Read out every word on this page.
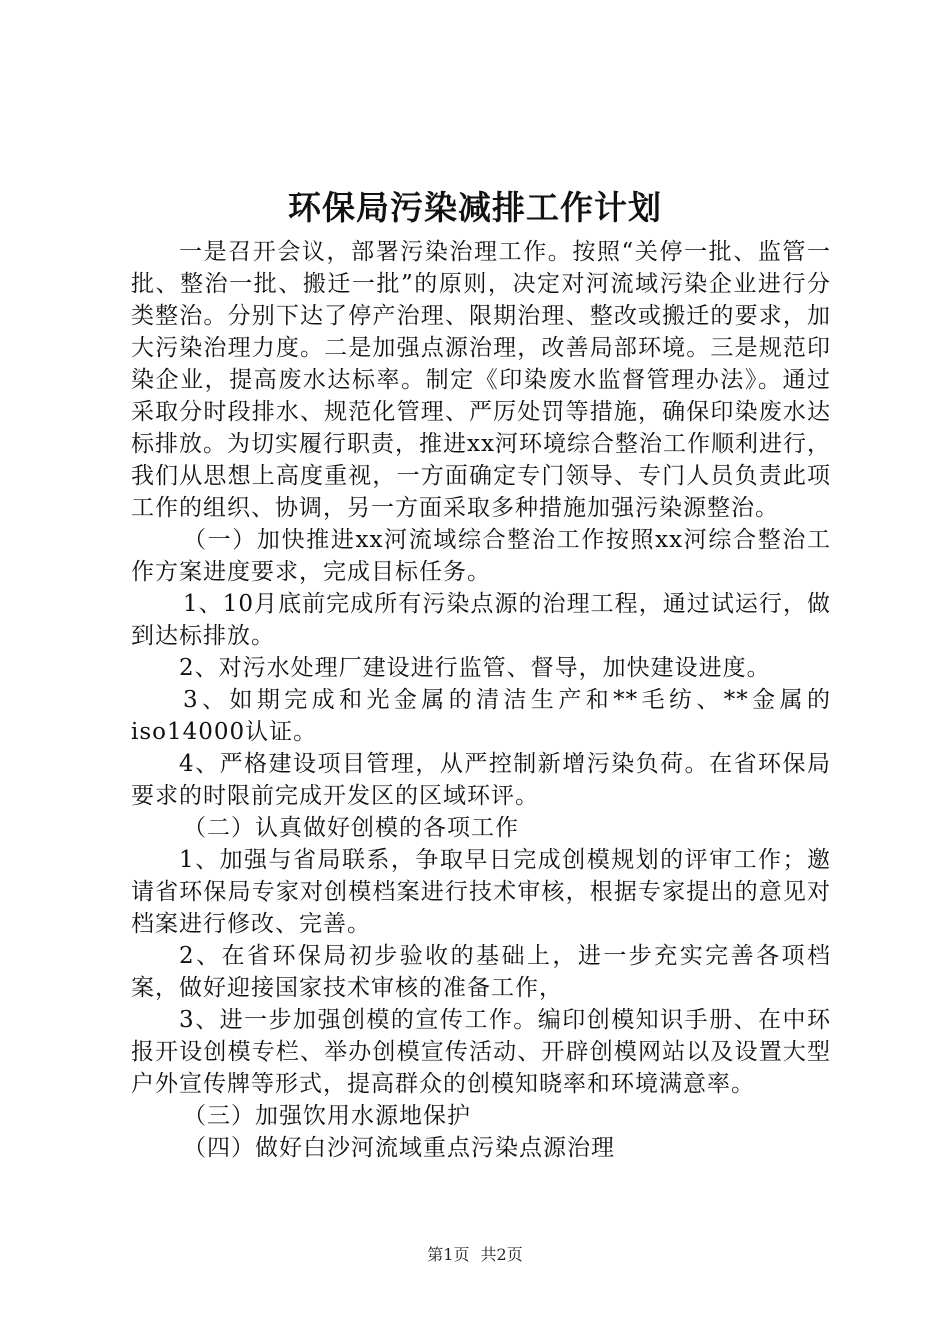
环保局污染减排工作计划

一是召开会议，部署污染治理工作。按照“关停一批、监管一批、整治一批、搬迁一批”的原则，决定对河流域污染企业进行分类整治。分别下达了停产治理、限期治理、整改或搬迁的要求，加大污染治理力度。二是加强点源治理，改善局部环境。三是规范印染企业，提高废水达标率。制定《印染废水监督管理办法》。通过采取分时段排水、规范化管理、严厉处罚等措施，确保印染废水达标排放。为切实履行职责，推进xx河环境综合整治工作顺利进行，我们从思想上高度重视，一方面确定专门领导、专门人员负责此项工作的组织、协调，另一方面采取多种措施加强污染源整治。

（一）加快推进xx河流域综合整治工作按照xx河综合整治工作方案进度要求，完成目标任务。

1、10月底前完成所有污染点源的治理工程，通过试运行，做到达标排放。

2、对污水处理厂建设进行监管、督导，加快建设进度。

3、如期完成和光金属的清洁生产和**毛纺、**金属的iso14000认证。

4、严格建设项目管理，从严控制新增污染负荷。在省环保局要求的时限前完成开发区的区域环评。

（二）认真做好创模的各项工作

1、加强与省局联系，争取早日完成创模规划的评审工作；邀请省环保局专家对创模档案进行技术审核，根据专家提出的意见对档案进行修改、完善。

2、在省环保局初步验收的基础上，进一步充实完善各项档案，做好迎接国家技术审核的准备工作，

3、进一步加强创模的宣传工作。编印创模知识手册、在中环报开设创模专栏、举办创模宣传活动、开辟创模网站以及设置大型户外宣传牌等形式，提高群众的创模知晓率和环境满意率。

（三）加强饮用水源地保护

（四）做好白沙河流域重点污染点源治理

第1页 共2页
